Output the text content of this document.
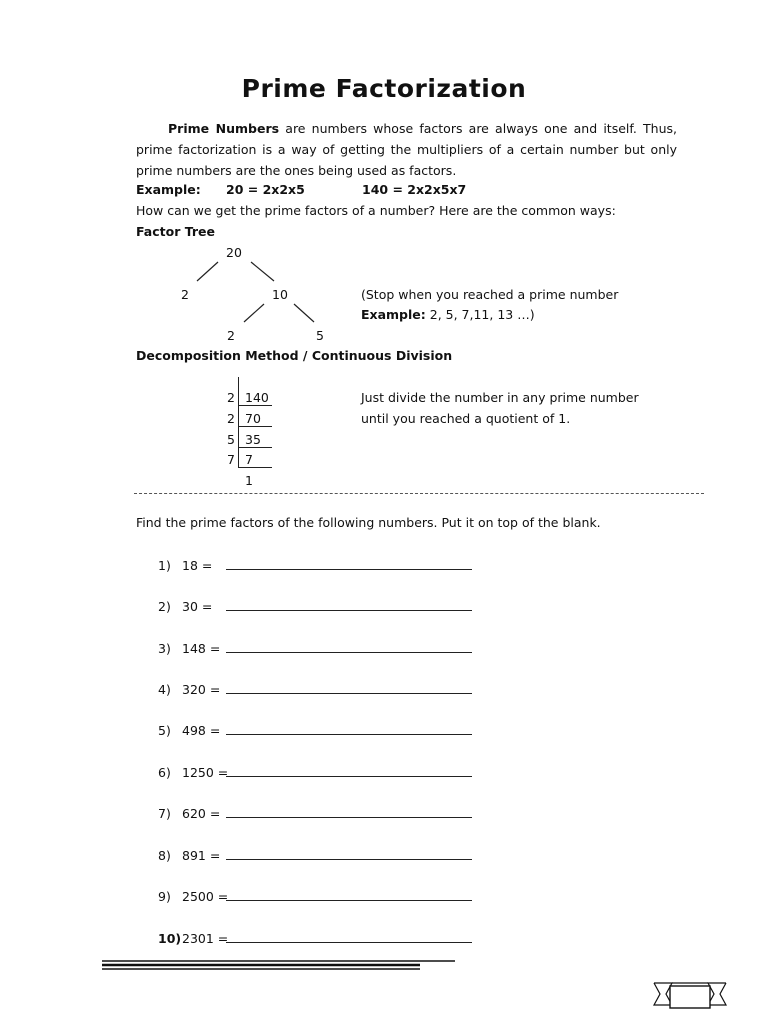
Prime Factorization
Prime Numbers are numbers whose factors are always one and itself. Thus, prime factorization is a way of getting the multipliers of a certain number but only prime numbers are the ones being used as factors.
Example: 20 = 2x2x5	140 = 2x2x5x7
How can we get the prime factors of a number? Here are the common ways:
Factor Tree
20
2	10
2	5
(Stop when you reached a prime number
Example: 2, 5, 7,11, 13 …)
Decomposition Method / Continuous Division
2 140
2 70
5 35
7 7
1
Just divide the number in any prime number
until you reached a quotient of 1.
Find the prime factors of the following numbers. Put it on top of the blank.
1) 18 =
2) 30 =
3) 148 =
4) 320 =
5) 498 =
6) 1250 =
7) 620 =
8) 891 =
9) 2500 =
10)2301 =
